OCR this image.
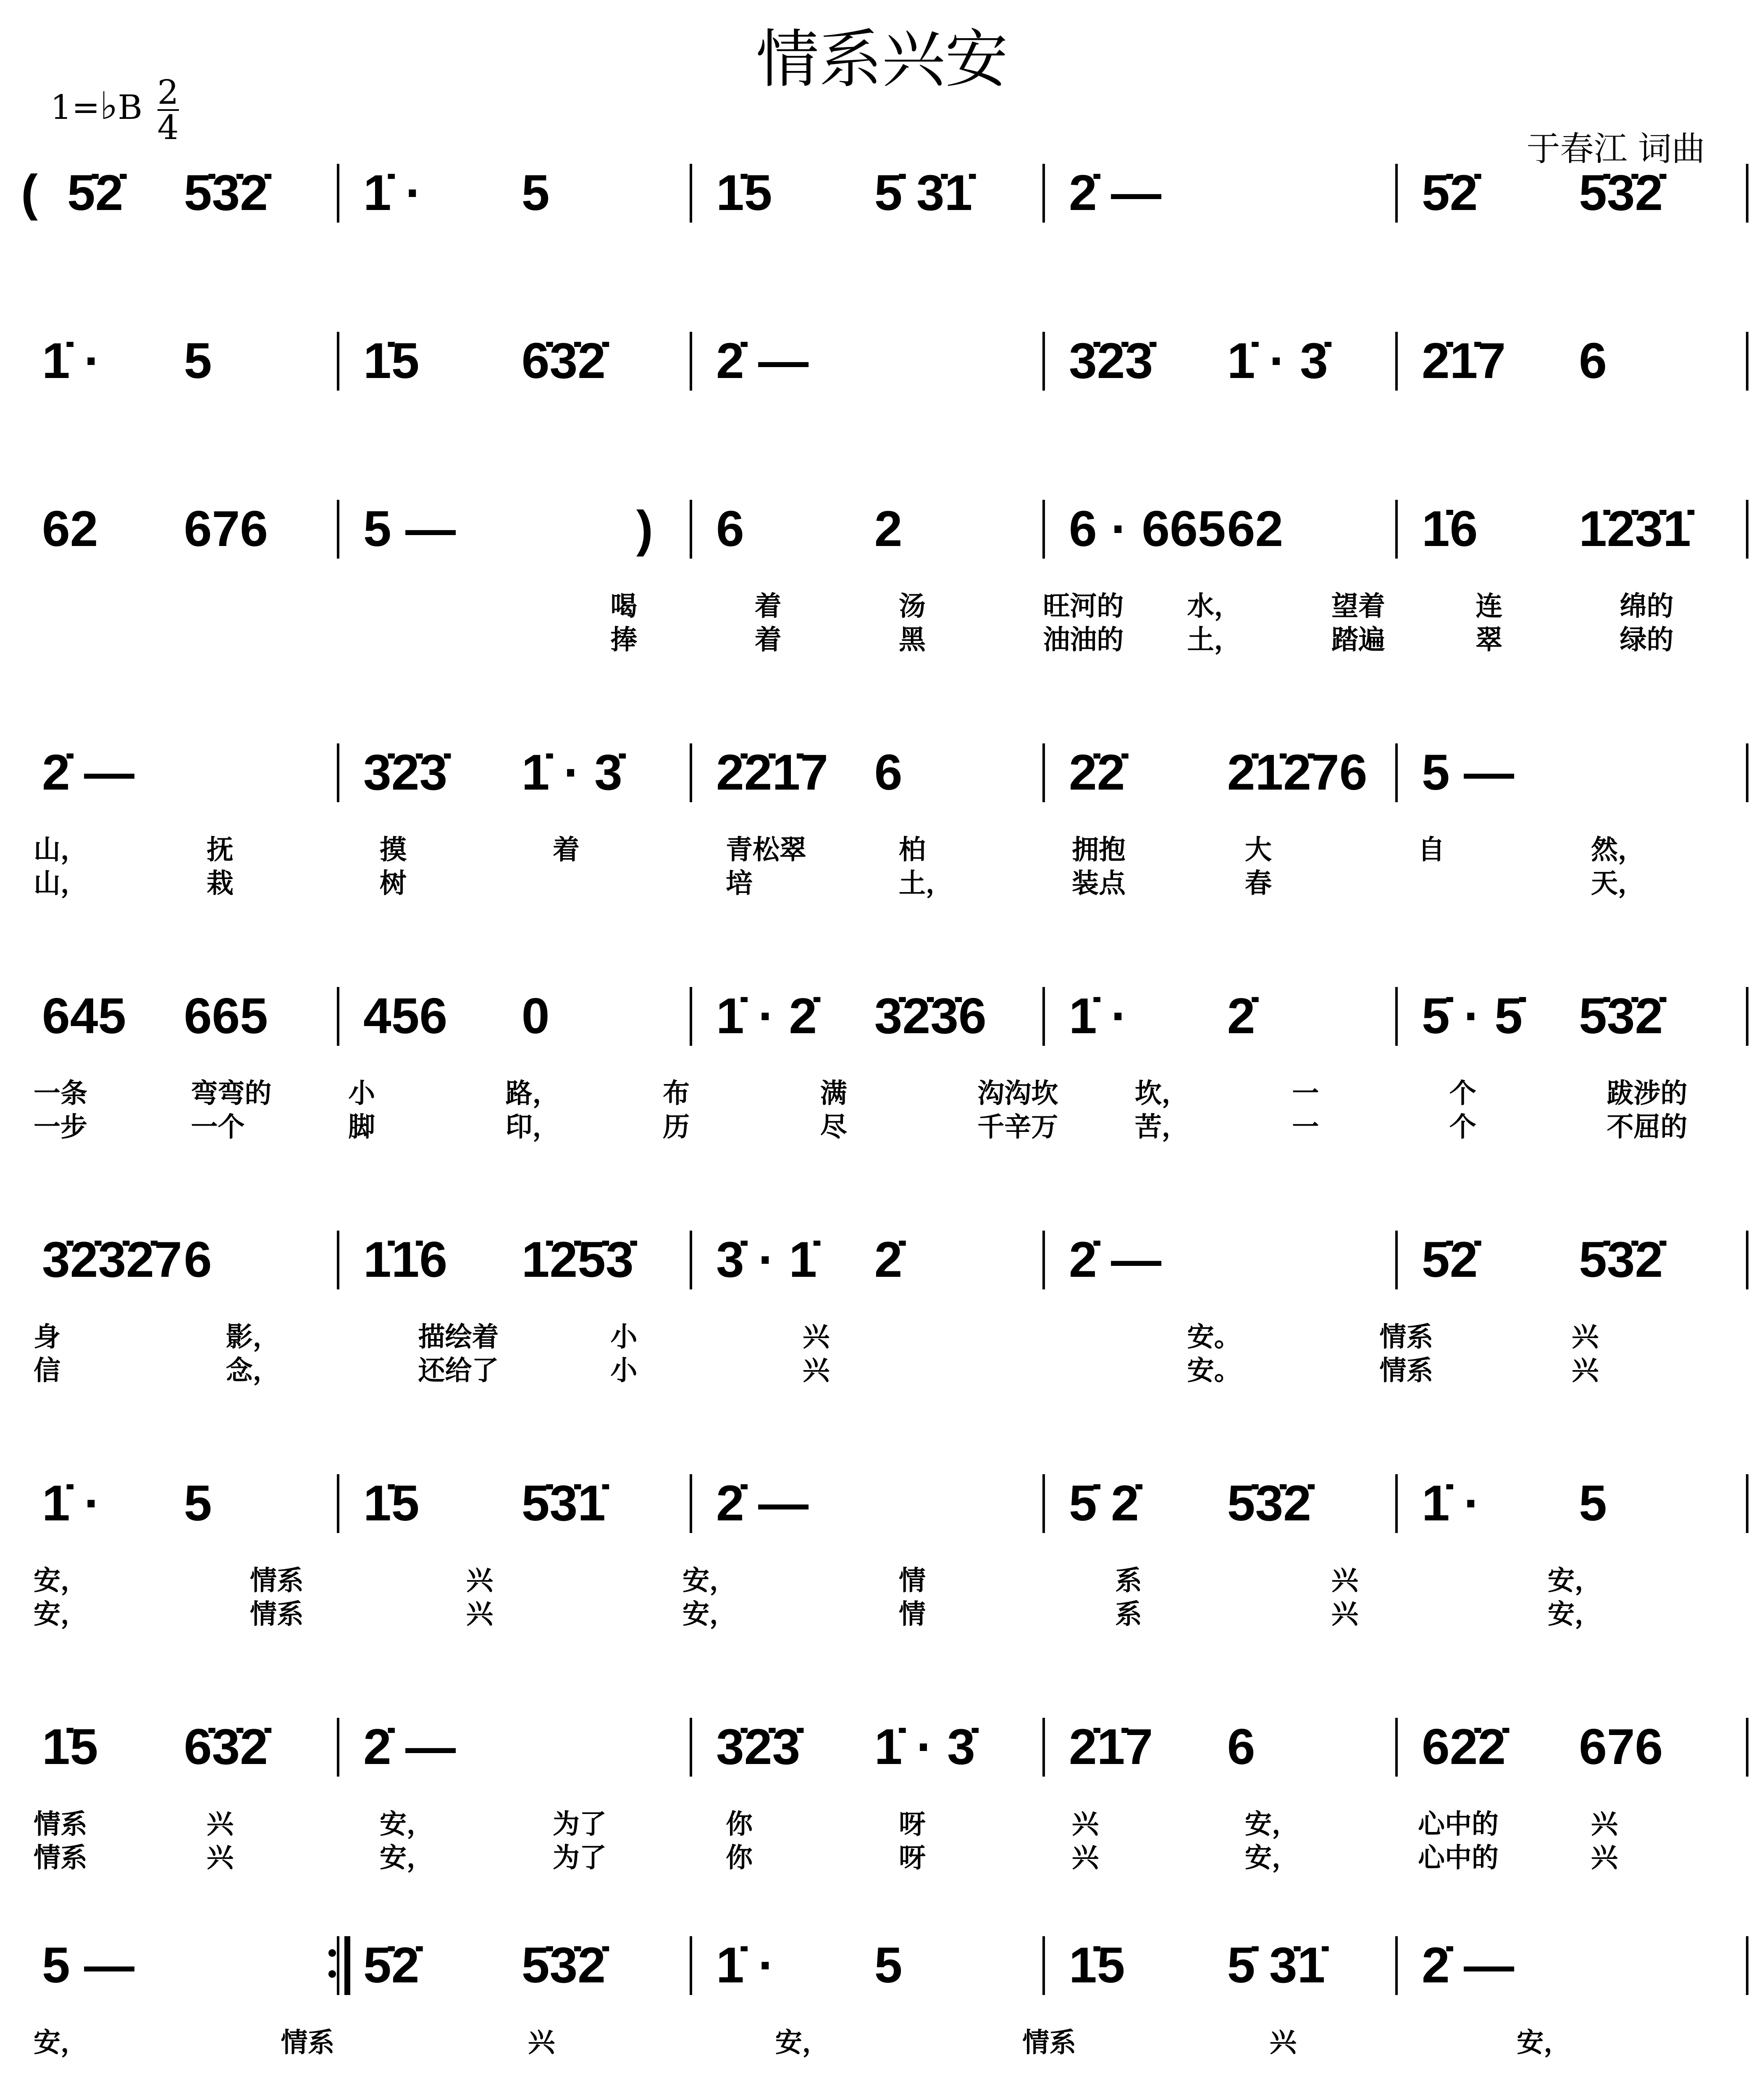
情系兴安
1=♭B $\frac{2}{4}$
于春江 词曲
( 5̇2̇ 5̇3̇2̇ 1̇ · 5	1̇5 5̇ 3̇1̇ 2̇ —	5̇2̇ 5̇3̇2̇
1̇ · 5	1̇5 6̇3̇2̇ 2̇ —	3̇2̇3̇ 1̇ · 3̇ 2̇1̇7 6
62 676 5 —	) 6	2	6 · 665 62	1̇6 1̇2̇3̇1̇
喝	着	汤	旺河的 水，	望着	连	绵的
捧	着	黑	油油的 土，	踏遍	翠	绿的
2̇ —	3̇2̇3̇ 1̇ · 3̇ 2̇2̇1̇7 6	2̇2̇ 2̇1̇2̇76 5 —
山，	抚	摸	着	青松翠	柏	拥抱	大	自	然，
山，	栽	树	培	土，	装点	春	天，
645 665 456 0	1̇ · 2̇ 3̇2̇3̇6 1̇ · 2̇	5̇ · 5̇ 5̇3̇2̇
一条	弯弯的	小	路，	布	满	沟沟坎	坎，	一	个	跋涉的
一步	一个	脚	印，	历	尽	千辛万	苦，	一	个	不屈的
3̇2̇3̇2̇7 6	1̇1̇6 1̇2̇5̇3̇ 3̇ · 1̇ 2̇	2̇ —	5̇2̇ 5̇3̇2̇
身	影，	描绘着	小	兴	安。	情系	兴
信	念，	还给了	小	兴	安。	情系	兴
1̇ · 5	1̇5 5̇3̇1̇ 2̇ —	5̇ 2̇ 5̇3̇2̇ 1̇ · 5
安，	情系	兴	安，	情	系	兴	安，
安，	情系	兴	安，	情	系	兴	安，
1̇5 6̇3̇2̇ 2̇ —	3̇2̇3̇ 1̇ · 3̇ 2̇1̇7 6	62̇2̇ 676
情系	兴	安，	为了	你	呀	兴	安，	心中的	兴
情系	兴	安，	为了	你	呀	兴	安，	心中的	兴
5 —	5̇2̇ 5̇3̇2̇ 1̇ · 5	1̇5 5̇ 3̇1̇ 2̇ —
安，	情系	兴	安，	情系	兴	安，
